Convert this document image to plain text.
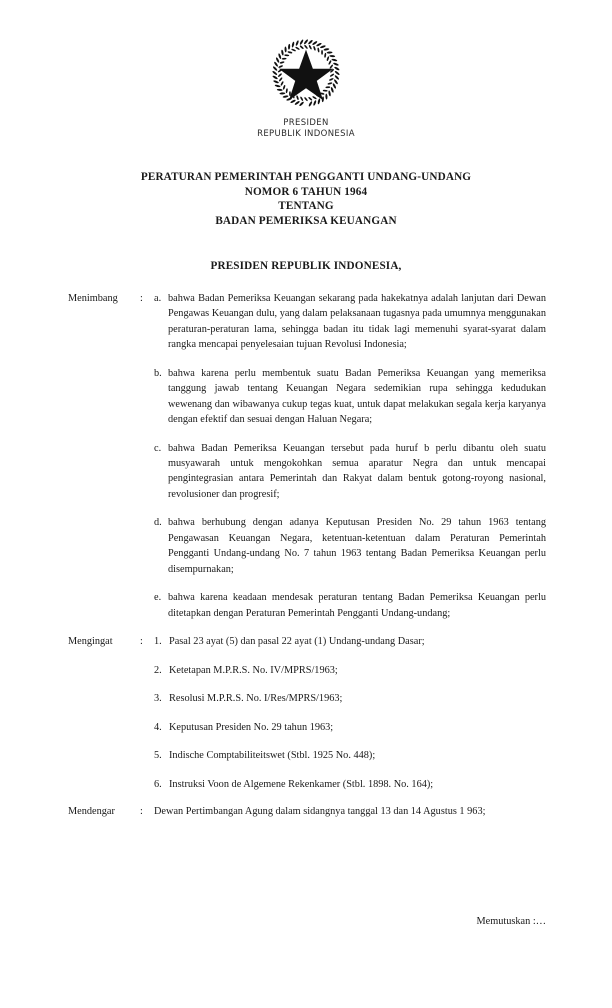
PRESIDEN
REPUBLIK INDONESIA
PERATURAN PEMERINTAH PENGGANTI UNDANG-UNDANG
NOMOR 6 TAHUN 1964
TENTANG
BADAN PEMERIKSA KEUANGAN
PRESIDEN REPUBLIK INDONESIA,
Menimbang	:	a. bahwa Badan Pemeriksa Keuangan sekarang pada hakekatnya adalah lanjutan dari Dewan Pengawas Keuangan dulu, yang dalam pelaksanaan tugasnya pada umumnya menggunakan peraturan-peraturan lama, sehingga badan itu tidak lagi memenuhi syarat-syarat dalam rangka mencapai penyelesaian tujuan Revolusi Indonesia;
b. bahwa karena perlu membentuk suatu Badan Pemeriksa Keuangan yang memeriksa tanggung jawab tentang Keuangan Negara sedemikian rupa sehingga kedudukan wewenang dan wibawanya cukup tegas kuat, untuk dapat melakukan segala kerja karyanya dengan efektif dan sesuai dengan Haluan Negara;
c. bahwa Badan Pemeriksa Keuangan tersebut pada huruf b perlu dibantu oleh suatu musyawarah untuk mengokohkan semua aparatur Negra dan untuk mencapai pengintegrasian antara Pemerintah dan Rakyat dalam bentuk gotong-royong nasional, revolusioner dan progresif;
d. bahwa berhubung dengan adanya Keputusan Presiden No. 29 tahun 1963 tentang Pengawasan Keuangan Negara, ketentuan-ketentuan dalam Peraturan Pemerintah Pengganti Undang-undang No. 7 tahun 1963 tentang Badan Pemeriksa Keuangan perlu disempurnakan;
e. bahwa karena keadaan mendesak peraturan tentang Badan Pemeriksa Keuangan perlu ditetapkan dengan Peraturan Pemerintah Pengganti Undang-undang;
Mengingat	:	1. Pasal 23 ayat (5) dan pasal 22 ayat (1) Undang-undang Dasar;
2. Ketetapan M.P.R.S. No. IV/MPRS/1963;
3. Resolusi M.P.R.S. No. I/Res/MPRS/1963;
4. Keputusan Presiden No. 29 tahun 1963;
5. Indische Comptabiliteitswet (Stbl. 1925 No. 448);
6. Instruksi Voon de Algemene Rekenkamer (Stbl. 1898. No. 164);
Mendengar	:	Dewan Pertimbangan Agung dalam sidangnya tanggal 13 dan 14 Agustus 1 963;
Memutuskan :…
